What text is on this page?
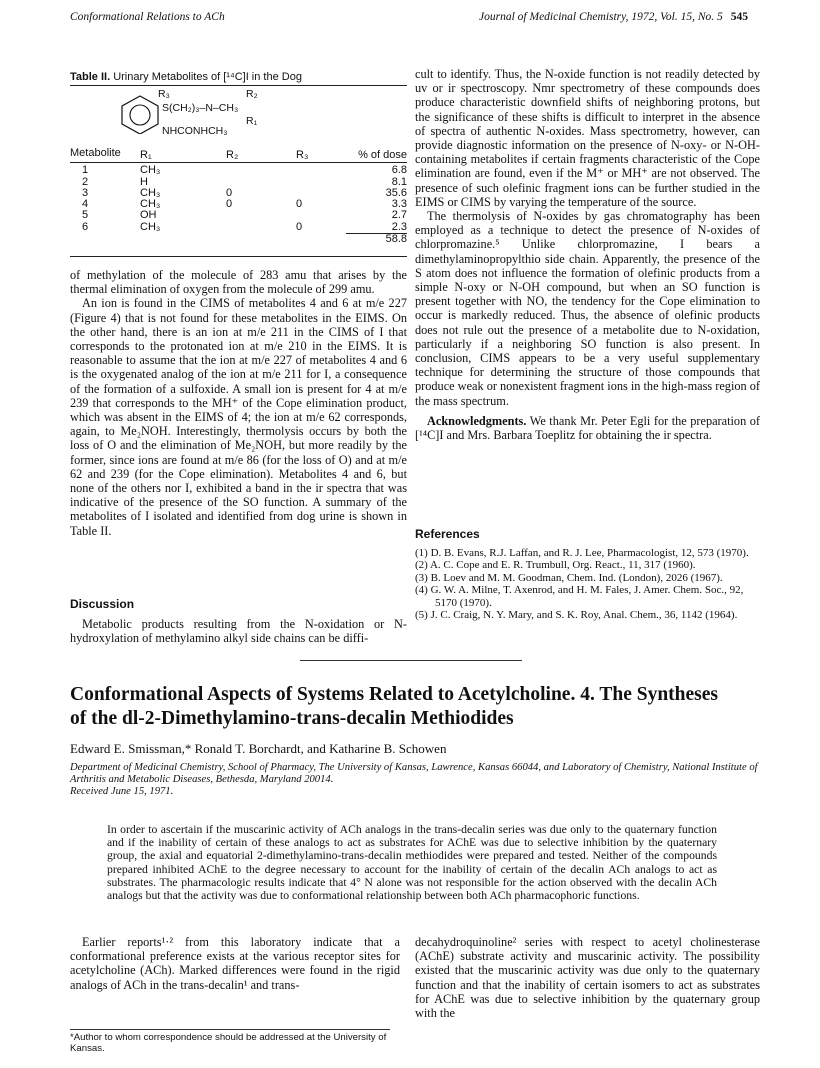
Conformational Relations to ACh	Journal of Medicinal Chemistry, 1972, Vol. 15, No. 5 545
Table II. Urinary Metabolites of [¹⁴C]I in the Dog
R₃	R₂
S(CH₂)₃–N–CH₃
R₁
NHCONHCH₃
Metabolite	R₁	R₂	R₃	% of dose
1	CH₃			6.8
2	H			8.1
3	CH₃	0		35.6
4	CH₃	0	0	3.3
5	OH			2.7
6	CH₃		0	2.3
				58.8

of methylation of the molecule of 283 amu that arises by the thermal elimination of oxygen from the molecule of 299 amu.

An ion is found in the CIMS of metabolites 4 and 6 at m/e 227 (Figure 4) that is not found for these metabolites in the EIMS. On the other hand, there is an ion at m/e 211 in the CIMS of I that corresponds to the protonated ion at m/e 210 in the EIMS. It is reasonable to assume that the ion at m/e 227 of metabolites 4 and 6 is the oxygenated analog of the ion at m/e 211 for I, a consequence of the formation of a sulfoxide. A small ion is present for 4 at m/e 239 that corresponds to the MH⁺ of the Cope elimination product, which was absent in the EIMS of 4; the ion at m/e 62 corresponds, again, to Me₂NOH. Interestingly, thermolysis occurs by both the loss of O and the elimination of Me₂NOH, but more readily by the former, since ions are found at m/e 86 (for the loss of O) and at m/e 62 and 239 (for the Cope elimination). Metabolites 4 and 6, but none of the others nor I, exhibited a band in the ir spectra that was indicative of the presence of the SO function. A summary of the metabolites of I isolated and identified from dog urine is shown in Table II.

Discussion

Metabolic products resulting from the N-oxidation or N-hydroxylation of methylamino alkyl side chains can be diffi-

cult to identify. Thus, the N-oxide function is not readily detected by uv or ir spectroscopy. Nmr spectrometry of these compounds does produce characteristic downfield shifts of neighboring protons, but the significance of these shifts is difficult to interpret in the absence of spectra of authentic N-oxides. Mass spectrometry, however, can provide diagnostic information on the presence of N-oxy- or N-OH-containing metabolites if certain fragments characteristic of the Cope elimination are found, even if the M⁺ or MH⁺ are not observed. The presence of such olefinic fragment ions can be further studied in the EIMS or CIMS by varying the temperature of the source.

The thermolysis of N-oxides by gas chromatography has been employed as a technique to detect the presence of N-oxides of chlorpromazine.⁵ Unlike chlorpromazine, I bears a dimethylaminopropylthio side chain. Apparently, the presence of the S atom does not influence the formation of olefinic products from a simple N-oxy or N-OH compound, but when an SO function is present together with NO, the tendency for the Cope elimination to occur is markedly reduced. Thus, the absence of olefinic products does not rule out the presence of a metabolite due to N-oxidation, particularly if a neighboring SO function is also present. In conclusion, CIMS appears to be a very useful supplementary technique for determining the structure of those compounds that produce weak or nonexistent fragment ions in the high-mass region of the mass spectrum.

Acknowledgments. We thank Mr. Peter Egli for the preparation of [¹⁴C]I and Mrs. Barbara Toeplitz for obtaining the ir spectra.

References
(1) D. B. Evans, R.J. Laffan, and R. J. Lee, Pharmacologist, 12, 573 (1970).
(2) A. C. Cope and E. R. Trumbull, Org. React., 11, 317 (1960).
(3) B. Loev and M. M. Goodman, Chem. Ind. (London), 2026 (1967).
(4) G. W. A. Milne, T. Axenrod, and H. M. Fales, J. Amer. Chem. Soc., 92, 5170 (1970).
(5) J. C. Craig, N. Y. Mary, and S. K. Roy, Anal. Chem., 36, 1142 (1964).
Conformational Aspects of Systems Related to Acetylcholine. 4. The Syntheses
of the dl-2-Dimethylamino-trans-decalin Methiodides
Edward E. Smissman,* Ronald T. Borchardt, and Katharine B. Schowen
Department of Medicinal Chemistry, School of Pharmacy, The University of Kansas, Lawrence, Kansas 66044, and Laboratory of Chemistry, National Institute of Arthritis and Metabolic Diseases, Bethesda, Maryland 20014.
Received June 15, 1971.
In order to ascertain if the muscarinic activity of ACh analogs in the trans-decalin series was due only to the quaternary function and if the inability of certain of these analogs to act as substrates for AChE was due to selective inhibition by the quaternary group, the axial and equatorial 2-dimethylamino-trans-decalin methiodides were prepared and tested. Neither of the compounds prepared inhibited AChE to the degree necessary to account for the inability of certain of the decalin ACh analogs to act as substrates. The pharmacologic results indicate that 4° N alone was not responsible for the action observed with the decalin ACh analogs but that the activity was due to conformational relationship between both ACh pharmacophoric functions.

Earlier reports¹·² from this laboratory indicate that a conformational preference exists at the various receptor sites for acetylcholine (ACh). Marked differences were found in the rigid analogs of ACh in the trans-decalin¹ and trans-

decahydroquinoline² series with respect to acetyl cholinesterase (AChE) substrate activity and muscarinic activity. The possibility existed that the muscarinic activity was due only to the quaternary function and that the inability of certain isomers to act as substrates for AChE was due to selective inhibition by the quaternary group with the

*Author to whom correspondence should be addressed at the University of Kansas.
